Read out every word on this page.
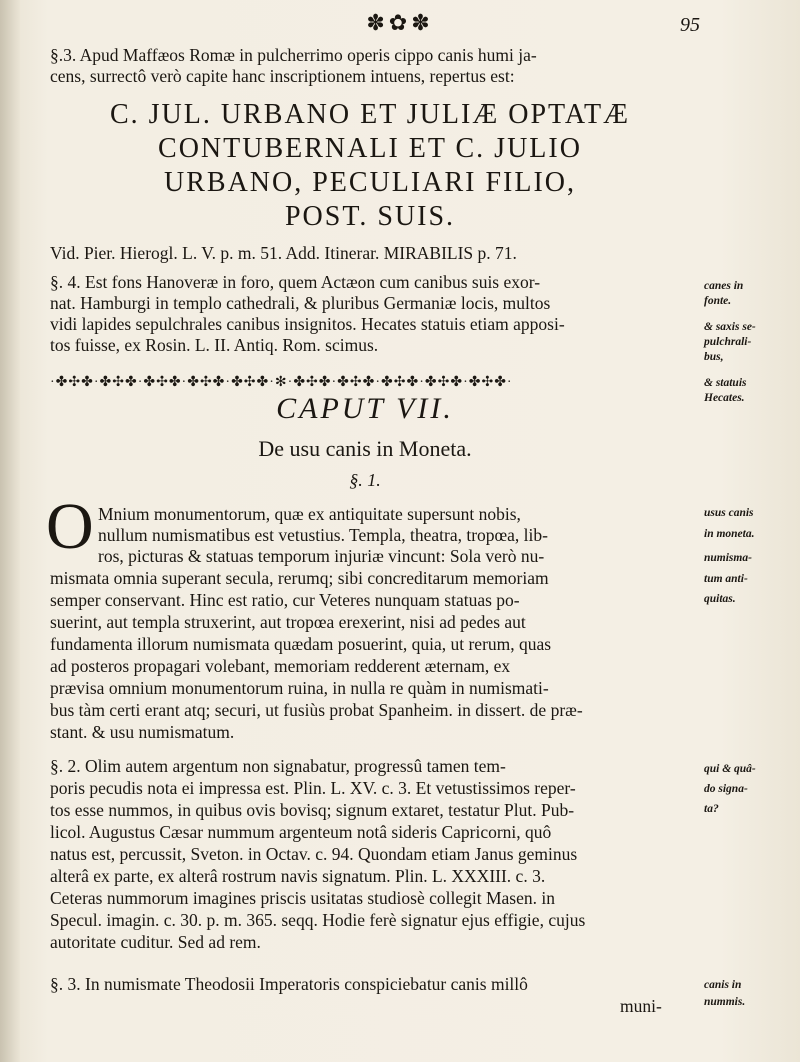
✽✿✽	95
§.3. Apud Maffæos Romæ in pulcherrimo operis cippo canis humi ja-
cens, surrectô verò capite hanc inscriptionem intuens, repertus est:
C. JUL. URBANO ET JULIÆ OPTATÆ
CONTUBERNALI ET C. JULIO
URBANO, PECULIARI FILIO,
POST. SUIS.
Vid. Pier. Hierogl. L. V. p. m. 51. Add. Itinerar. MIRABILIS p. 71.
§. 4. Est fons Hanoveræ in foro, quem Actæon cum canibus suis exor-
nat. Hamburgi in templo cathedrali, & pluribus Germaniæ locis, multos
vidi lapides sepulchrales canibus insignitos. Hecates statuis etiam apposi-
tos fuisse, ex Rosin. L. II. Antiq. Rom. scimus.
canes in
fonte.
& saxis se-
pulchrali-
bus,
& statuis
Hecates.
·✤✣✤·✤✣✤·✤✣✤·✤✣✤·✤✣✤·✻·✤✣✤·✤✣✤·✤✣✤·✤✣✤·✤✣✤·
CAPUT VII.
De usu canis in Moneta.
§. 1.
O Mnium monumentorum, quæ ex antiquitate supersunt nobis,
nullum numismatibus est vetustius. Templa, theatra, tropœa, lib-
ros, picturas & statuas temporum injuriæ vincunt: Sola verò nu-
mismata omnia superant secula, rerumq; sibi concreditarum memoriam
semper conservant. Hinc est ratio, cur Veteres nunquam statuas po-
suerint, aut templa struxerint, aut tropœa erexerint, nisi ad pedes aut
fundamenta illorum numismata quædam posuerint, quia, ut rerum, quas
ad posteros propagari volebant, memoriam redderent æternam, ex
prævisa omnium monumentorum ruina, in nulla re quàm in numismati-
bus tàm certi erant atq; securi, ut fusiùs probat Spanheim. in dissert. de præ-
stant. & usu numismatum.
usus canis
in moneta.
numisma-
tum anti-
quitas.
§. 2. Olim autem argentum non signabatur, progressû tamen tem-
poris pecudis nota ei impressa est. Plin. L. XV. c. 3. Et vetustissimos reper-
tos esse nummos, in quibus ovis bovisq; signum extaret, testatur Plut. Pub-
licol. Augustus Cæsar nummum argenteum notâ sideris Capricorni, quô
natus est, percussit, Sveton. in Octav. c. 94. Quondam etiam Janus geminus
alterâ ex parte, ex alterâ rostrum navis signatum. Plin. L. XXXIII. c. 3.
Ceteras nummorum imagines priscis usitatas studiosè collegit Masen. in
Specul. imagin. c. 30. p. m. 365. seqq. Hodie ferè signatur ejus effigie, cujus
autoritate cuditur. Sed ad rem.
qui & quâ-
do signa-
ta?
§. 3. In numismate Theodosii Imperatoris conspiciebatur canis millô
muni-
canis in
nummis.
